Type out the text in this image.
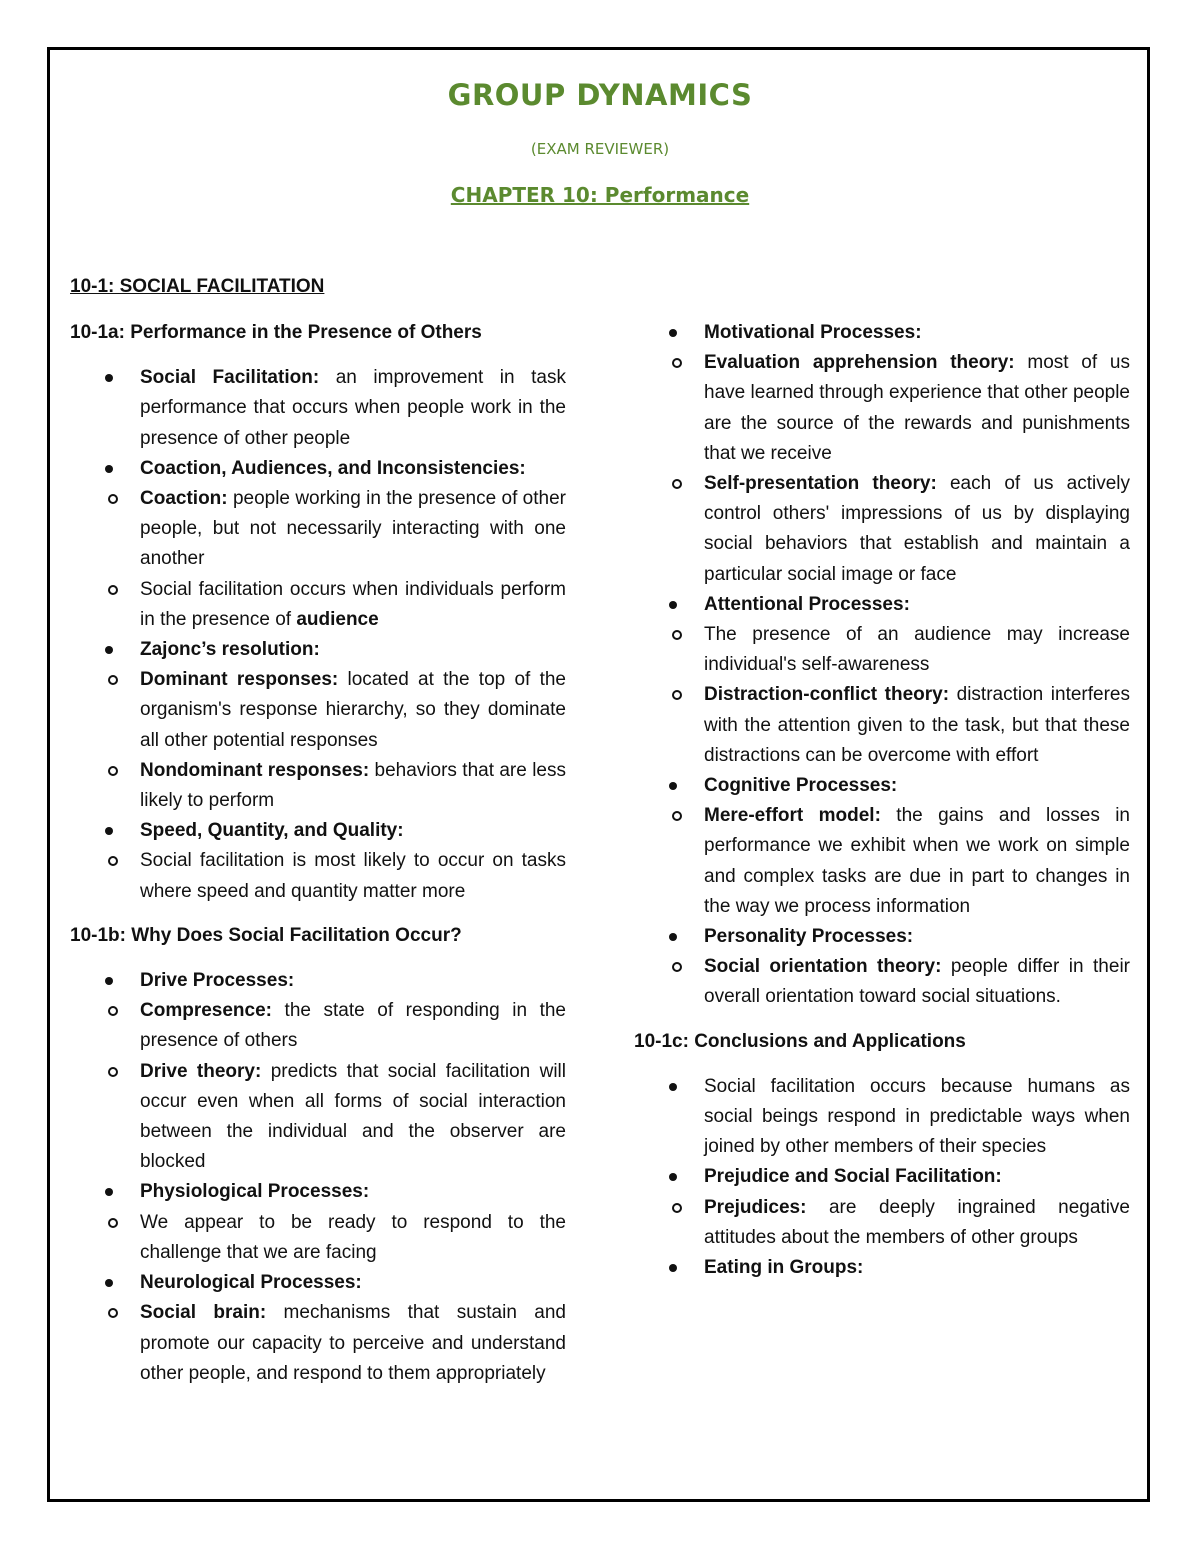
GROUP DYNAMICS
(EXAM REVIEWER)
CHAPTER 10: Performance
10-1: SOCIAL FACILITATION
10-1a: Performance in the Presence of Others
Social Facilitation: an improvement in task performance that occurs when people work in the presence of other people
Coaction, Audiences, and Inconsistencies:
Coaction: people working in the presence of other people, but not necessarily interacting with one another
Social facilitation occurs when individuals perform in the presence of audience
Zajonc’s resolution:
Dominant responses: located at the top of the organism's response hierarchy, so they dominate all other potential responses
Nondominant responses: behaviors that are less likely to perform
Speed, Quantity, and Quality:
Social facilitation is most likely to occur on tasks where speed and quantity matter more
10-1b: Why Does Social Facilitation Occur?
Drive Processes:
Compresence: the state of responding in the presence of others
Drive theory: predicts that social facilitation will occur even when all forms of social interaction between the individual and the observer are blocked
Physiological Processes:
We appear to be ready to respond to the challenge that we are facing
Neurological Processes:
Social brain: mechanisms that sustain and promote our capacity to perceive and understand other people, and respond to them appropriately
Motivational Processes:
Evaluation apprehension theory: most of us have learned through experience that other people are the source of the rewards and punishments that we receive
Self-presentation theory: each of us actively control others' impressions of us by displaying social behaviors that establish and maintain a particular social image or face
Attentional Processes:
The presence of an audience may increase individual's self-awareness
Distraction-conflict theory: distraction interferes with the attention given to the task, but that these distractions can be overcome with effort
Cognitive Processes:
Mere-effort model: the gains and losses in performance we exhibit when we work on simple and complex tasks are due in part to changes in the way we process information
Personality Processes:
Social orientation theory: people differ in their overall orientation toward social situations.
10-1c: Conclusions and Applications
Social facilitation occurs because humans as social beings respond in predictable ways when joined by other members of their species
Prejudice and Social Facilitation:
Prejudices: are deeply ingrained negative attitudes about the members of other groups
Eating in Groups:
